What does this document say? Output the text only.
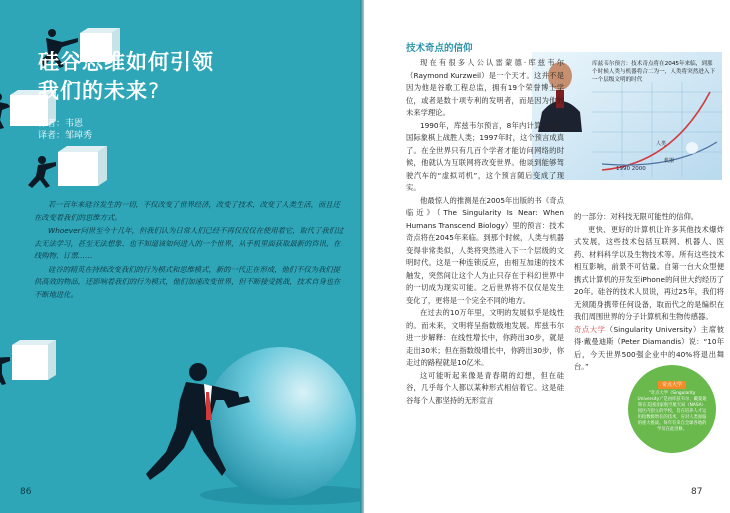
硅谷思维如何引领
我们的未来?
作者：韦恩
译者：邹琸秀

若一百年来硅谷发生的一切，不仅改变了世界经济，改变了技术，改变了人类生活，而且还在改变着我们的思维方式。

Whoever问世至今十几年，但我们认为日常人们已经不再仅仅仅在使用着它，取代了我们过去无法学习，甚至无法想象、也不知道该如何进入的一个世界，从手机里面获取最新的咨讯、在线购物、订票……

硅谷的精英在持续改变我们的行为模式和思维模式，新的一代正在形成，他们不仅为我们提供高效的物品，还影响着我们的行为模式，他们加速改变世界，但不断接受挑战，技术自身也在不断地进化。

86
技术奇点的信仰
库兹韦尔预言：技术奇点将在2045年来临，到那个时候人类与机器将合二为一，人类将突然进入下一个层级文明的时代
人类
机器
1990 2000

现在有很多人公认雷蒙德·库兹韦尔（Raymond Kurzweil）是一个天才。这并不是因为他是谷歌工程总监，拥有19个荣誉博士学位，或者是数十项专利的发明者，而是因为他的未来学理论。

1990年，库兹韦尔预言，8年内计算机将在国际象棋上战胜人类；1997年时，这个预言成真了。在全世界只有几百个学者才能访问网络的时候，他就认为互联网将改变世界。他谈到能够驾驶汽车的“虚拟司机”，这个预言随后变成了现实。

他最惊人的推测是在2005年出版的书《奇点临近》（The Singularity Is Near: When Humans Transcend Biology）里的预言：技术奇点将在2045年来临。到那个时候，人类与机器变得非常类似，人类将突然进入下一个层级的文明时代。这是一种连锁反应，由相互加速的技术触发，突然间让这个人为止只存在于科幻世界中的一切成为现实可能。之后世界将不仅仅是发生变化了，更将是一个完全不同的地方。

在过去的10万年里，文明的发展似乎是线性的。而未来，文明将呈指数级地发展。库兹韦尔进一步解释：在线性增长中，你跨出30步，就是走出30米；但在指数级增长中，你跨出30步，你走过的路程就是10亿米。

这可能听起来像是青春期的幻想，但在硅谷，几乎每个人都以某种形式相信着它。这是硅谷每个人都坚持的无形宣言

的一部分：对科技无限可能性的信仰。

更快、更好的计算机让许多其他技术爆炸式发展，这些技术包括互联网、机器人、医药、材料科学以及生物技术等。所有这些技术相互影响，前景不可估量。自第一台大众型便携式计算机的开发至iPhone的问世大约经历了20年。硅谷的技术人员说，再过25年，我们将无须随身携带任何设备，取而代之的是编织在我们周围世界的分子计算机和生物传感器。

奇点大学（Singularity University）主席彼得·戴曼迪斯（Peter Diamandis）说：“10年后，今天世界500强企业中的40%将退出舞台。”

奇点大学
“奇点大学（Singularity University）”是由库兹韦尔、戴曼迪斯在美国国家航空航天局（NASA）园区内创立的学校，旨在培养人才运用指数级增长的技术，应对人类面临的重大挑战。每年有来自全球各地的学员在此进修。
87
